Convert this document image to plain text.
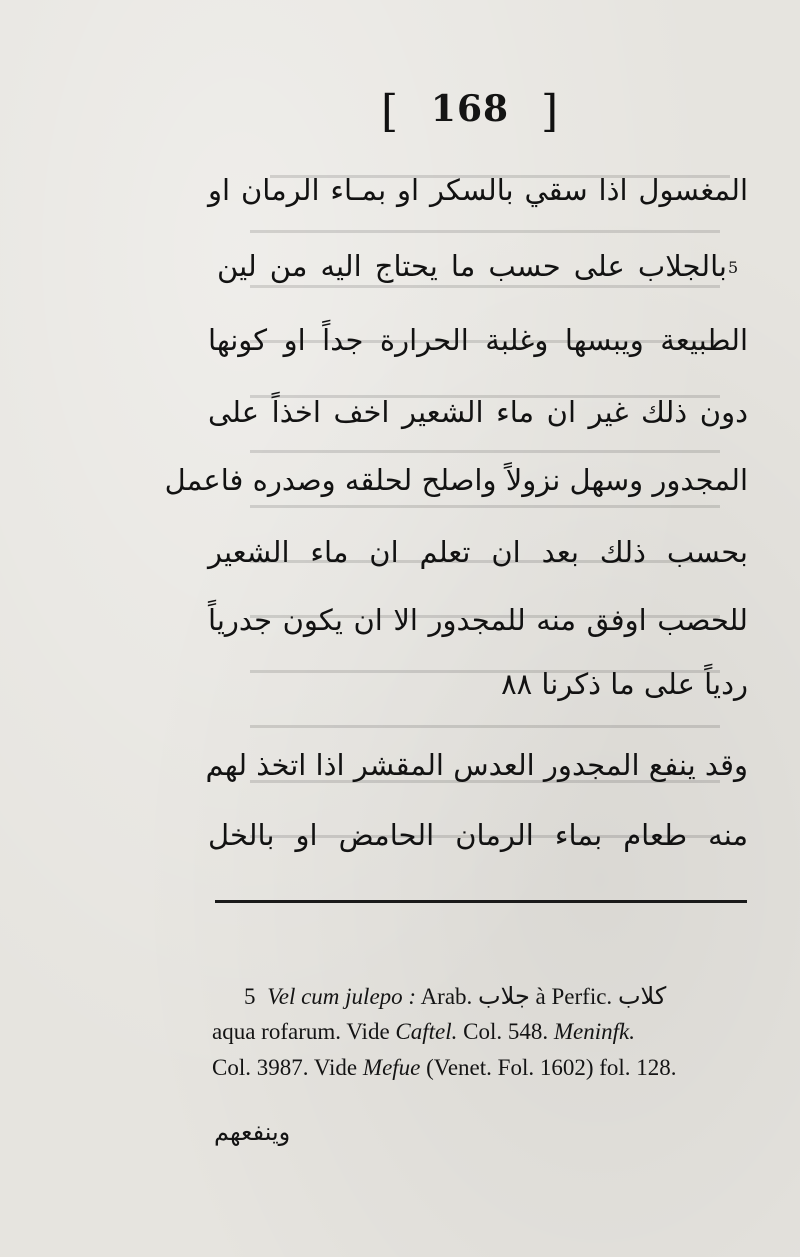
[ 168 ]
المغسول اذا سقي بالسكر او بمـاء الرمان او
بالجلاب على حسب ما يحتاج اليه من لين 5
الطبيعة ويبسها وغلبة الحرارة جداً او كونها
دون ذلك غير ان ماء الشعير اخف اخذاً على
المجدور وسهل نزولاً واصلح لحلقه وصدره فاعمل
بحسب ذلك بعد ان تعلم ان ماء الشعير
للحصب اوفق منه للمجدور الا ان يكون جدرياً
ردياً على ما ذكرنا ٨٨
وقد ينفع المجدور العدس المقشر اذا اتخذ لهم
منه طعام بماء الرمان الحامض او بالخل
5 Vel cum julepo : Arab. جلاب à Perfic. كلاب
aqua rofarum. Vide Caftel. Col. 548. Meninfk.
Col. 3987. Vide Mefue (Venet. Fol. 1602) fol. 128.
وينفعهم
